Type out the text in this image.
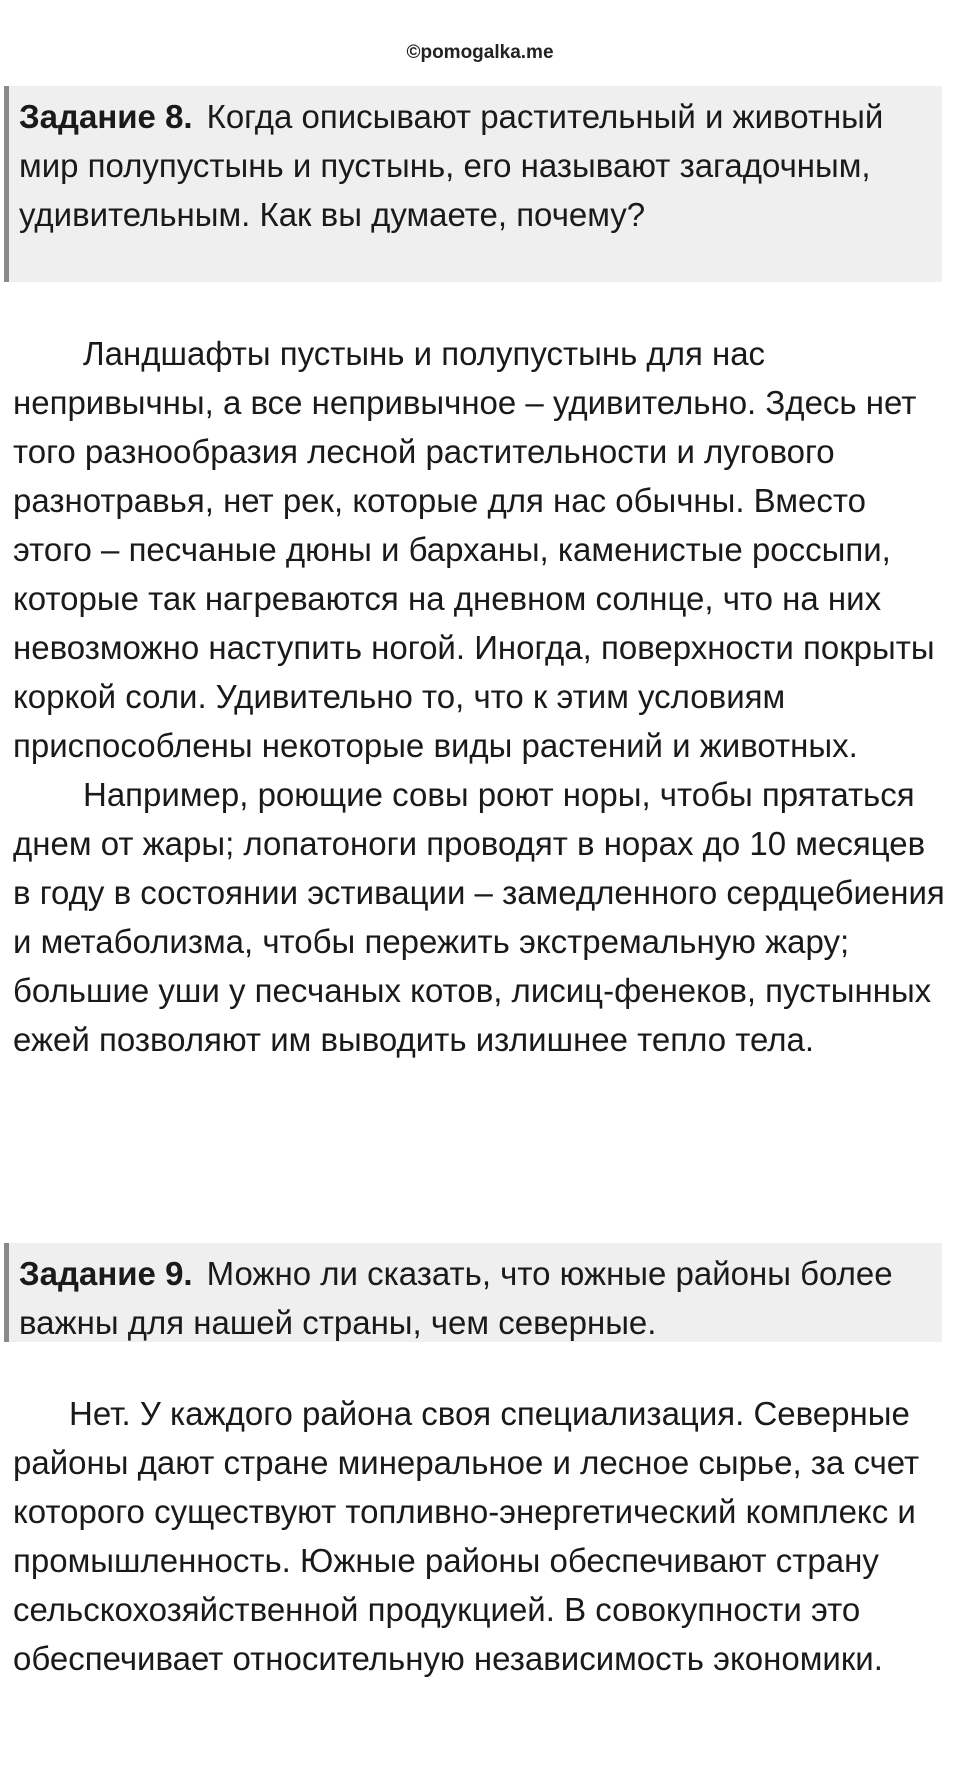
©pomogalka.me
Задание 8. Когда описывают растительный и животный мир полупустынь и пустынь, его называют загадочным, удивительным. Как вы думаете, почему?

Ландшафты пустынь и полупустынь для нас непривычны, а все непривычное – удивительно. Здесь нет того разнообразия лесной растительности и лугового разнотравья, нет рек, которые для нас обычны. Вместо этого – песчаные дюны и барханы, каменистые россыпи, которые так нагреваются на дневном солнце, что на них невозможно наступить ногой. Иногда, поверхности покрыты коркой соли. Удивительно то, что к этим условиям приспособлены некоторые виды растений и животных.

Например, роющие совы роют норы, чтобы прятаться днем от жары; лопатоноги проводят в норах до 10 месяцев в году в состоянии эстивации – замедленного сердцебиения и метаболизма, чтобы пережить экстремальную жару; большие уши у песчаных котов, лисиц-фенеков, пустынных ежей позволяют им выводить излишнее тепло тела.

Задание 9. Можно ли сказать, что южные районы более важны для нашей страны, чем северные.

Нет. У каждого района своя специализация. Северные районы дают стране минеральное и лесное сырье, за счет которого существуют топливно-энергетический комплекс и промышленность. Южные районы обеспечивают страну сельскохозяйственной продукцией. В совокупности это обеспечивает относительную независимость экономики.
